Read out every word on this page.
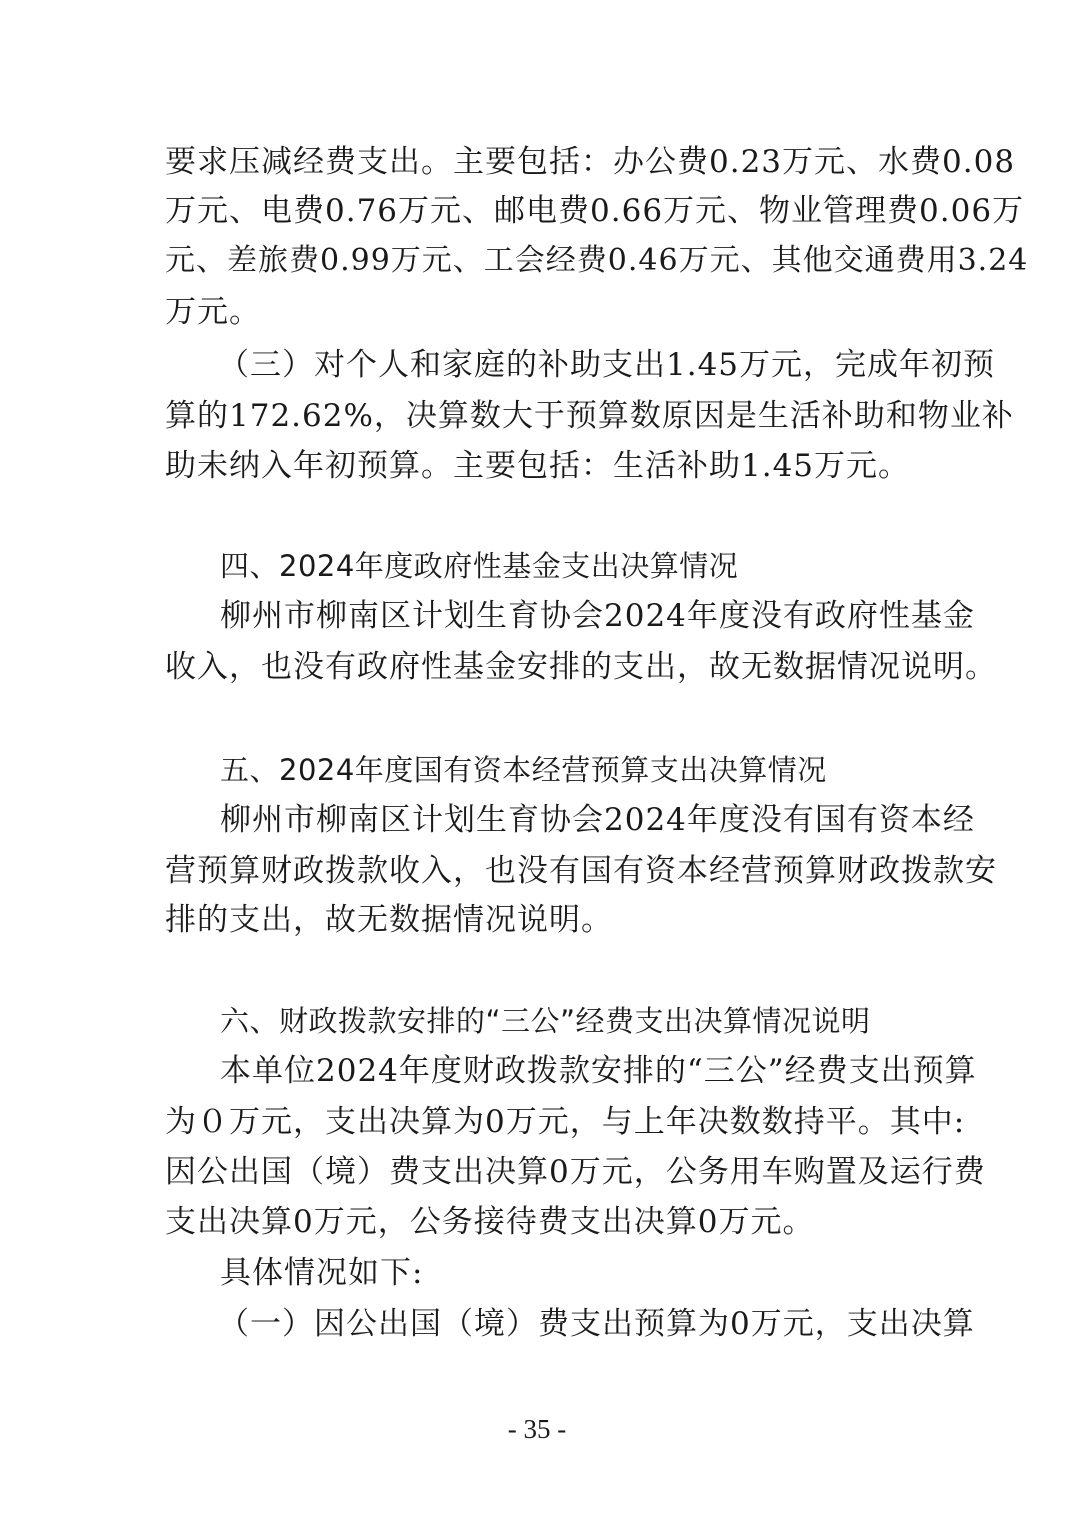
要求压减经费支出。主要包括：办公费0.23万元、水费0.08
万元、电费0.76万元、邮电费0.66万元、物业管理费0.06万
元、差旅费0.99万元、工会经费0.46万元、其他交通费用3.24
万元。
（三）对个人和家庭的补助支出1.45万元，完成年初预
算的172.62%，决算数大于预算数原因是生活补助和物业补
助未纳入年初预算。主要包括：生活补助1.45万元。
四、2024年度政府性基金支出决算情况
柳州市柳南区计划生育协会2024年度没有政府性基金
收入，也没有政府性基金安排的支出，故无数据情况说明。
五、2024年度国有资本经营预算支出决算情况
柳州市柳南区计划生育协会2024年度没有国有资本经
营预算财政拨款收入，也没有国有资本经营预算财政拨款安
排的支出，故无数据情况说明。
六、财政拨款安排的“三公”经费支出决算情况说明
本单位2024年度财政拨款安排的“三公”经费支出预算
为０万元，支出决算为0万元，与上年决数数持平。其中:
因公出国（境）费支出决算0万元，公务用车购置及运行费
支出决算0万元，公务接待费支出决算0万元。
具体情况如下:
（一）因公出国（境）费支出预算为0万元，支出决算
- 35 -
